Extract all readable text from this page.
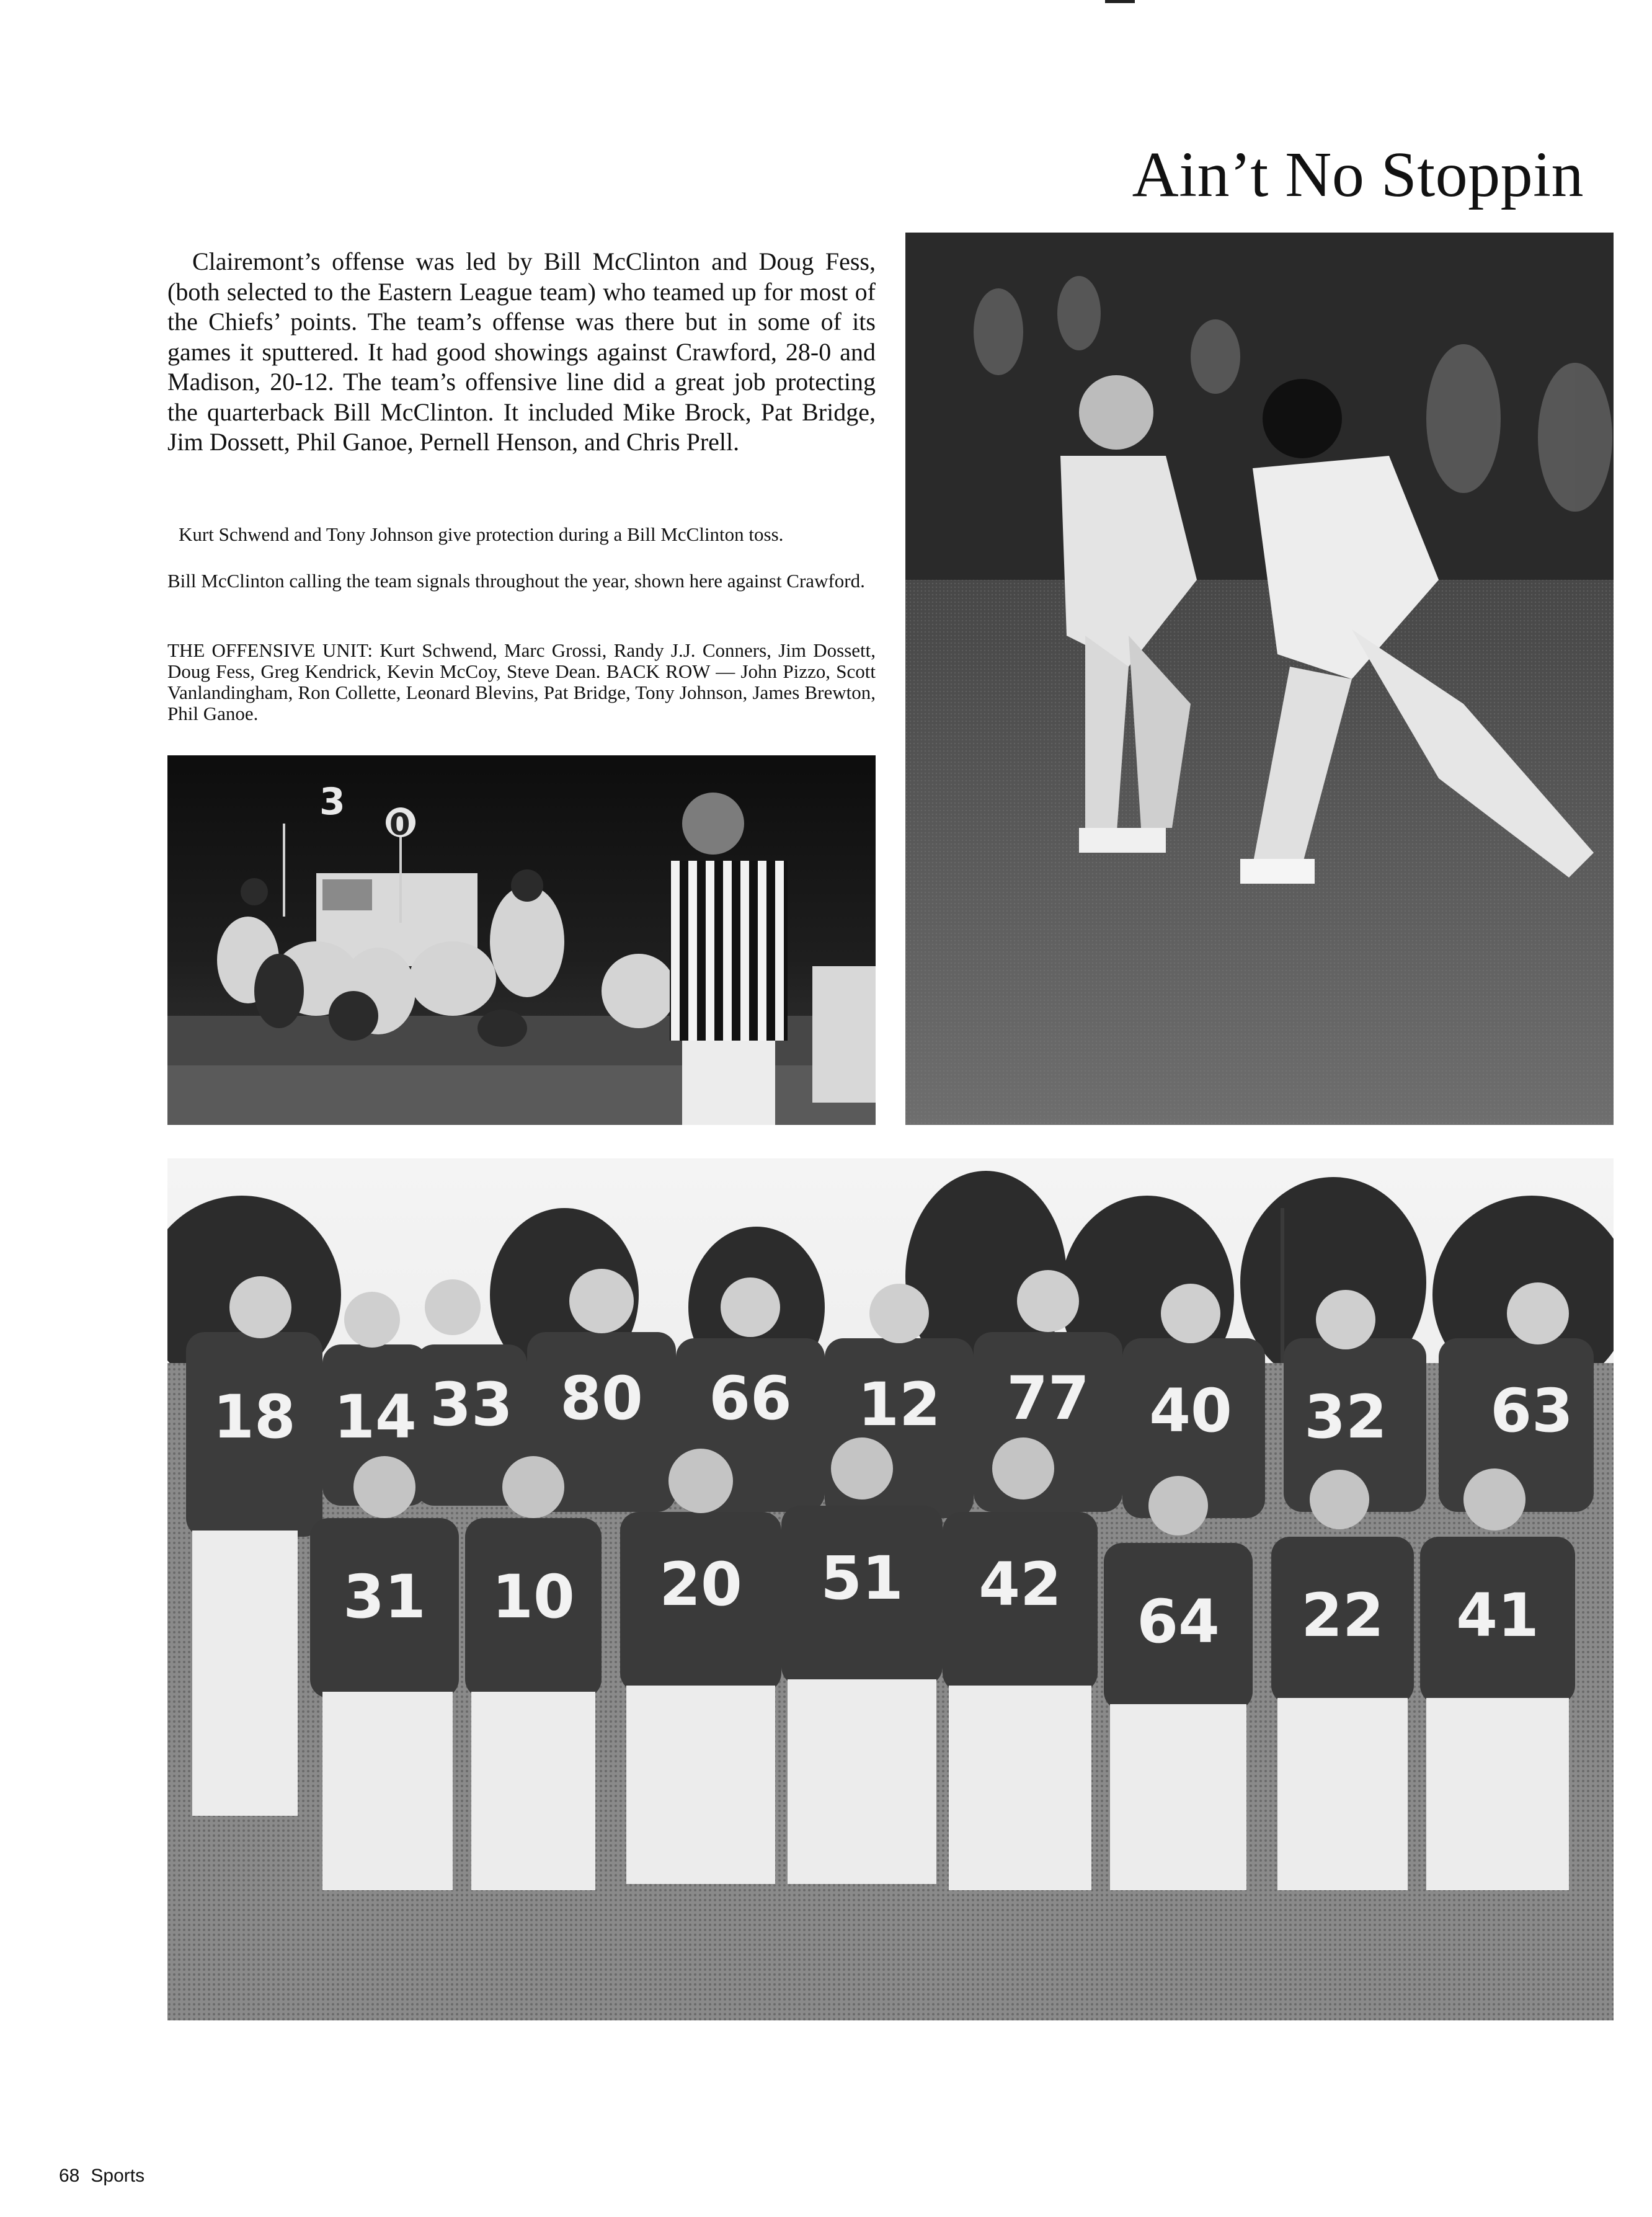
Ain’t No Stoppin

Clairemont’s offense was led by Bill McClinton and Doug Fess, (both selected to the Eastern League team) who teamed up for most of the Chiefs’ points. The team’s offense was there but in some of its games it sputtered. It had good showings against Crawford, 28-0 and Madison, 20-12. The team’s offensive line did a great job protecting the quarterback Bill McClinton. It included Mike Brock, Pat Bridge, Jim Dossett, Phil Ganoe, Pernell Henson, and Chris Prell.

Kurt Schwend and Tony Johnson give protection during a Bill McClinton toss.

Bill McClinton calling the team signals throughout the year, shown here against Crawford.

THE OFFENSIVE UNIT: Kurt Schwend, Marc Grossi, Randy J.J. Conners, Jim Dossett, Doug Fess, Greg Kendrick, Kevin McCoy, Steve Dean. BACK ROW — John Pizzo, Scott Vanlandingham, Ron Collette, Leonard Blevins, Pat Bridge, Tony Johnson, James Brewton, Phil Ganoe.

3
0
18 14 33 80 66 12 77 40 32 63
31 10 20 51 42
64 22 41
68 Sports
